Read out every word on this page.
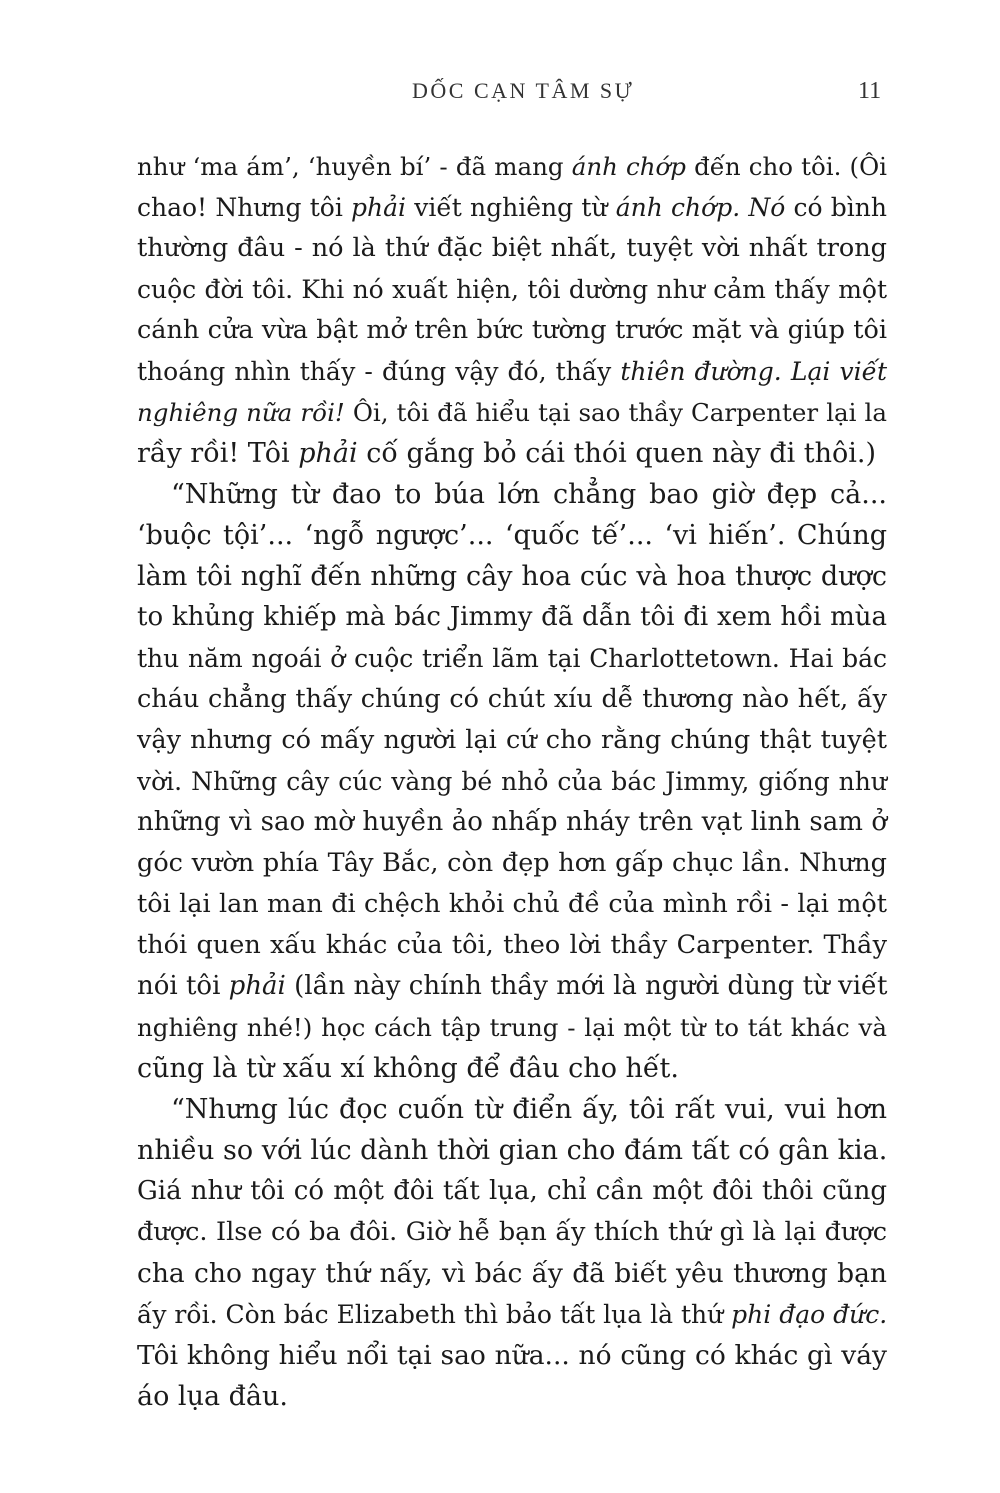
DỐC CẠN TÂM SỰ	11
như ‘ma ám’, ‘huyền bí’ - đã mang ánh chớp đến cho tôi. (Ôi
chao! Nhưng tôi phải viết nghiêng từ ánh chớp. Nó có bình
thường đâu - nó là thứ đặc biệt nhất, tuyệt vời nhất trong
cuộc đời tôi. Khi nó xuất hiện, tôi dường như cảm thấy một
cánh cửa vừa bật mở trên bức tường trước mặt và giúp tôi
thoáng nhìn thấy - đúng vậy đó, thấy thiên đường. Lại viết
nghiêng nữa rồi! Ôi, tôi đã hiểu tại sao thầy Carpenter lại la
rầy rồi! Tôi phải cố gắng bỏ cái thói quen này đi thôi.)
“Những từ đao to búa lớn chẳng bao giờ đẹp cả...
‘buộc tội’... ‘ngỗ ngược’... ‘quốc tế’... ‘vi hiến’. Chúng
làm tôi nghĩ đến những cây hoa cúc và hoa thược dược
to khủng khiếp mà bác Jimmy đã dẫn tôi đi xem hồi mùa
thu năm ngoái ở cuộc triển lãm tại Charlottetown. Hai bác
cháu chẳng thấy chúng có chút xíu dễ thương nào hết, ấy
vậy nhưng có mấy người lại cứ cho rằng chúng thật tuyệt
vời. Những cây cúc vàng bé nhỏ của bác Jimmy, giống như
những vì sao mờ huyền ảo nhấp nháy trên vạt linh sam ở
góc vườn phía Tây Bắc, còn đẹp hơn gấp chục lần. Nhưng
tôi lại lan man đi chệch khỏi chủ đề của mình rồi - lại một
thói quen xấu khác của tôi, theo lời thầy Carpenter. Thầy
nói tôi phải (lần này chính thầy mới là người dùng từ viết
nghiêng nhé!) học cách tập trung - lại một từ to tát khác và
cũng là từ xấu xí không để đâu cho hết.
“Nhưng lúc đọc cuốn từ điển ấy, tôi rất vui, vui hơn
nhiều so với lúc dành thời gian cho đám tất có gân kia.
Giá như tôi có một đôi tất lụa, chỉ cần một đôi thôi cũng
được. Ilse có ba đôi. Giờ hễ bạn ấy thích thứ gì là lại được
cha cho ngay thứ nấy, vì bác ấy đã biết yêu thương bạn
ấy rồi. Còn bác Elizabeth thì bảo tất lụa là thứ phi đạo đức.
Tôi không hiểu nổi tại sao nữa... nó cũng có khác gì váy
áo lụa đâu.
